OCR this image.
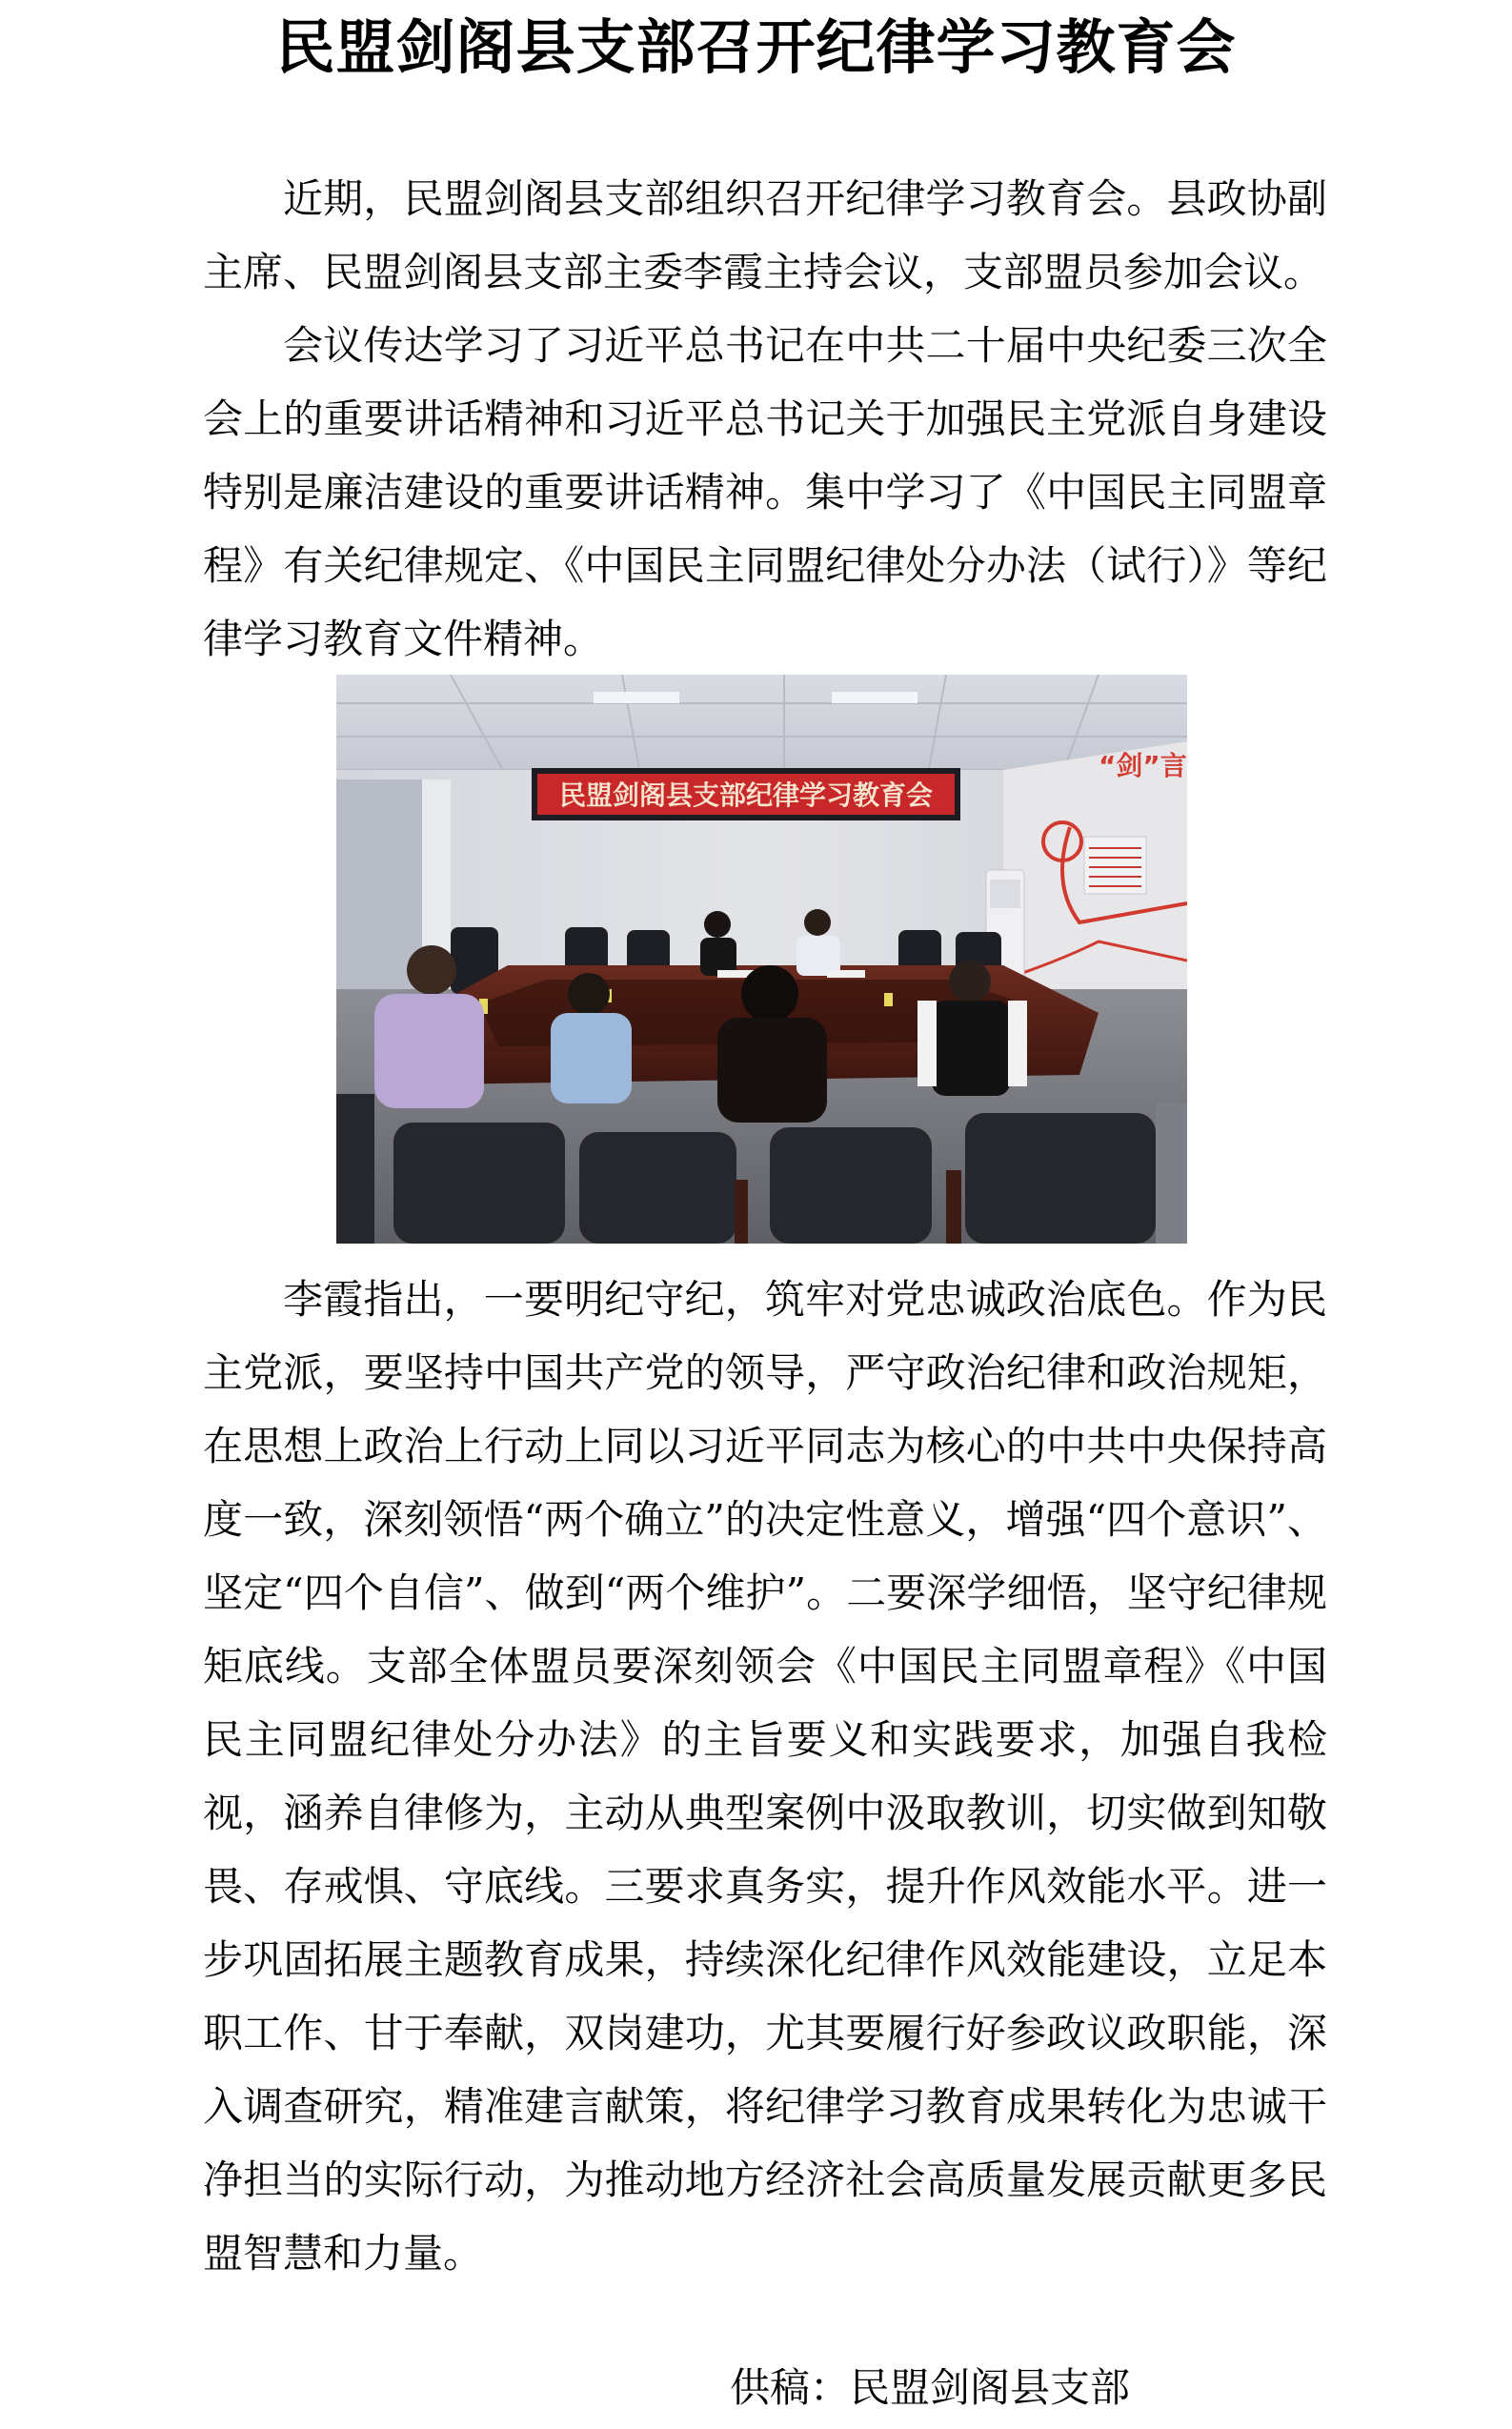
民盟剑阁县支部召开纪律学习教育会

近期，民盟剑阁县支部组织召开纪律学习教育会。县政协副主席、民盟剑阁县支部主委李霞主持会议，支部盟员参加会议。

会议传达学习了习近平总书记在中共二十届中央纪委三次全会上的重要讲话精神和习近平总书记关于加强民主党派自身建设特别是廉洁建设的重要讲话精神。集中学习了《中国民主同盟章程》有关纪律规定、《中国民主同盟纪律处分办法（试行）》等纪律学习教育文件精神。

民盟剑阁县支部纪律学习教育会
“剑”言

李霞指出，一要明纪守纪，筑牢对党忠诚政治底色。作为民主党派，要坚持中国共产党的领导，严守政治纪律和政治规矩，在思想上政治上行动上同以习近平同志为核心的中共中央保持高度一致，深刻领悟“两个确立”的决定性意义，增强“四个意识”、坚定“四个自信”、做到“两个维护”。二要深学细悟，坚守纪律规矩底线。支部全体盟员要深刻领会《中国民主同盟章程》《中国民主同盟纪律处分办法》的主旨要义和实践要求，加强自我检视，涵养自律修为，主动从典型案例中汲取教训，切实做到知敬畏、存戒惧、守底线。三要求真务实，提升作风效能水平。进一步巩固拓展主题教育成果，持续深化纪律作风效能建设，立足本职工作、甘于奉献，双岗建功，尤其要履行好参政议政职能，深入调查研究，精准建言献策，将纪律学习教育成果转化为忠诚干净担当的实际行动，为推动地方经济社会高质量发展贡献更多民盟智慧和力量。

供稿：民盟剑阁县支部
